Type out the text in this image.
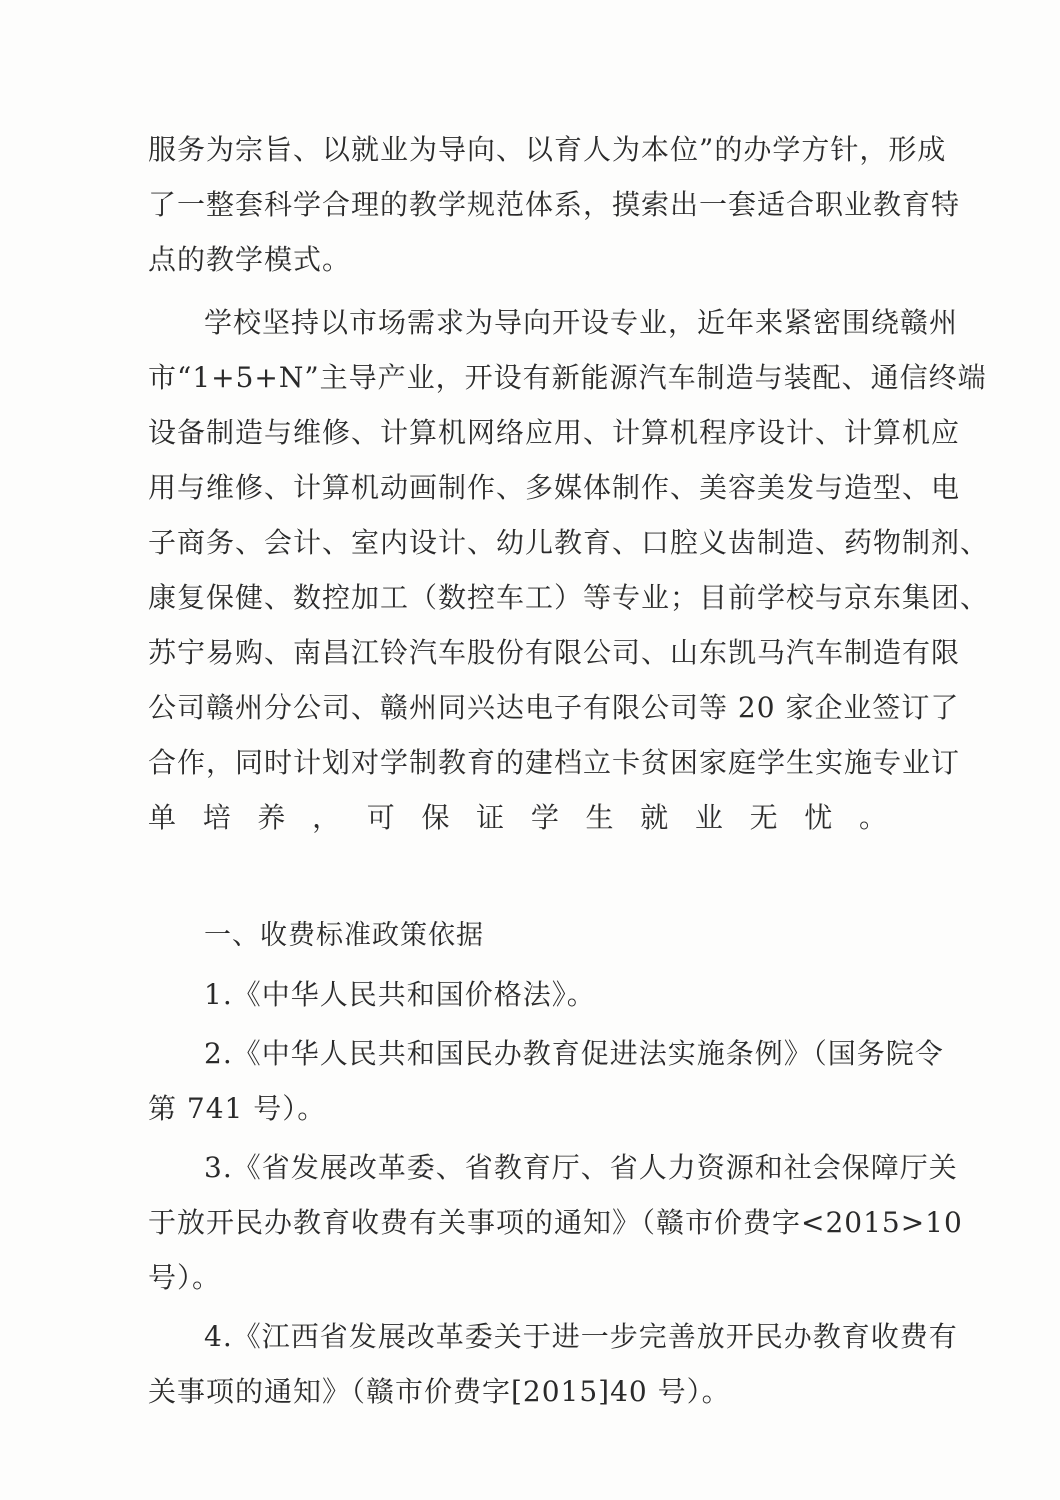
服务为宗旨、以就业为导向、以育人为本位”的办学方针，形成
了一整套科学合理的教学规范体系，摸索出一套适合职业教育特
点的教学模式。
学校坚持以市场需求为导向开设专业，近年来紧密围绕赣州
市“1+5+N”主导产业，开设有新能源汽车制造与装配、通信终端
设备制造与维修、计算机网络应用、计算机程序设计、计算机应
用与维修、计算机动画制作、多媒体制作、美容美发与造型、电
子商务、会计、室内设计、幼儿教育、口腔义齿制造、药物制剂、
康复保健、数控加工（数控车工）等专业；目前学校与京东集团、
苏宁易购、南昌江铃汽车股份有限公司、山东凯马汽车制造有限
公司赣州分公司、赣州同兴达电子有限公司等 20 家企业签订了
合作，同时计划对学制教育的建档立卡贫困家庭学生实施专业订
单培养，可保证学生就业无忧。
一、收费标准政策依据
1.《中华人民共和国价格法》。
2.《中华人民共和国民办教育促进法实施条例》（国务院令
第 741 号）。
3.《省发展改革委、省教育厅、省人力资源和社会保障厅关
于放开民办教育收费有关事项的通知》（赣市价费字<2015>10
号）。
4.《江西省发展改革委关于进一步完善放开民办教育收费有
关事项的通知》（赣市价费字[2015]40 号）。
